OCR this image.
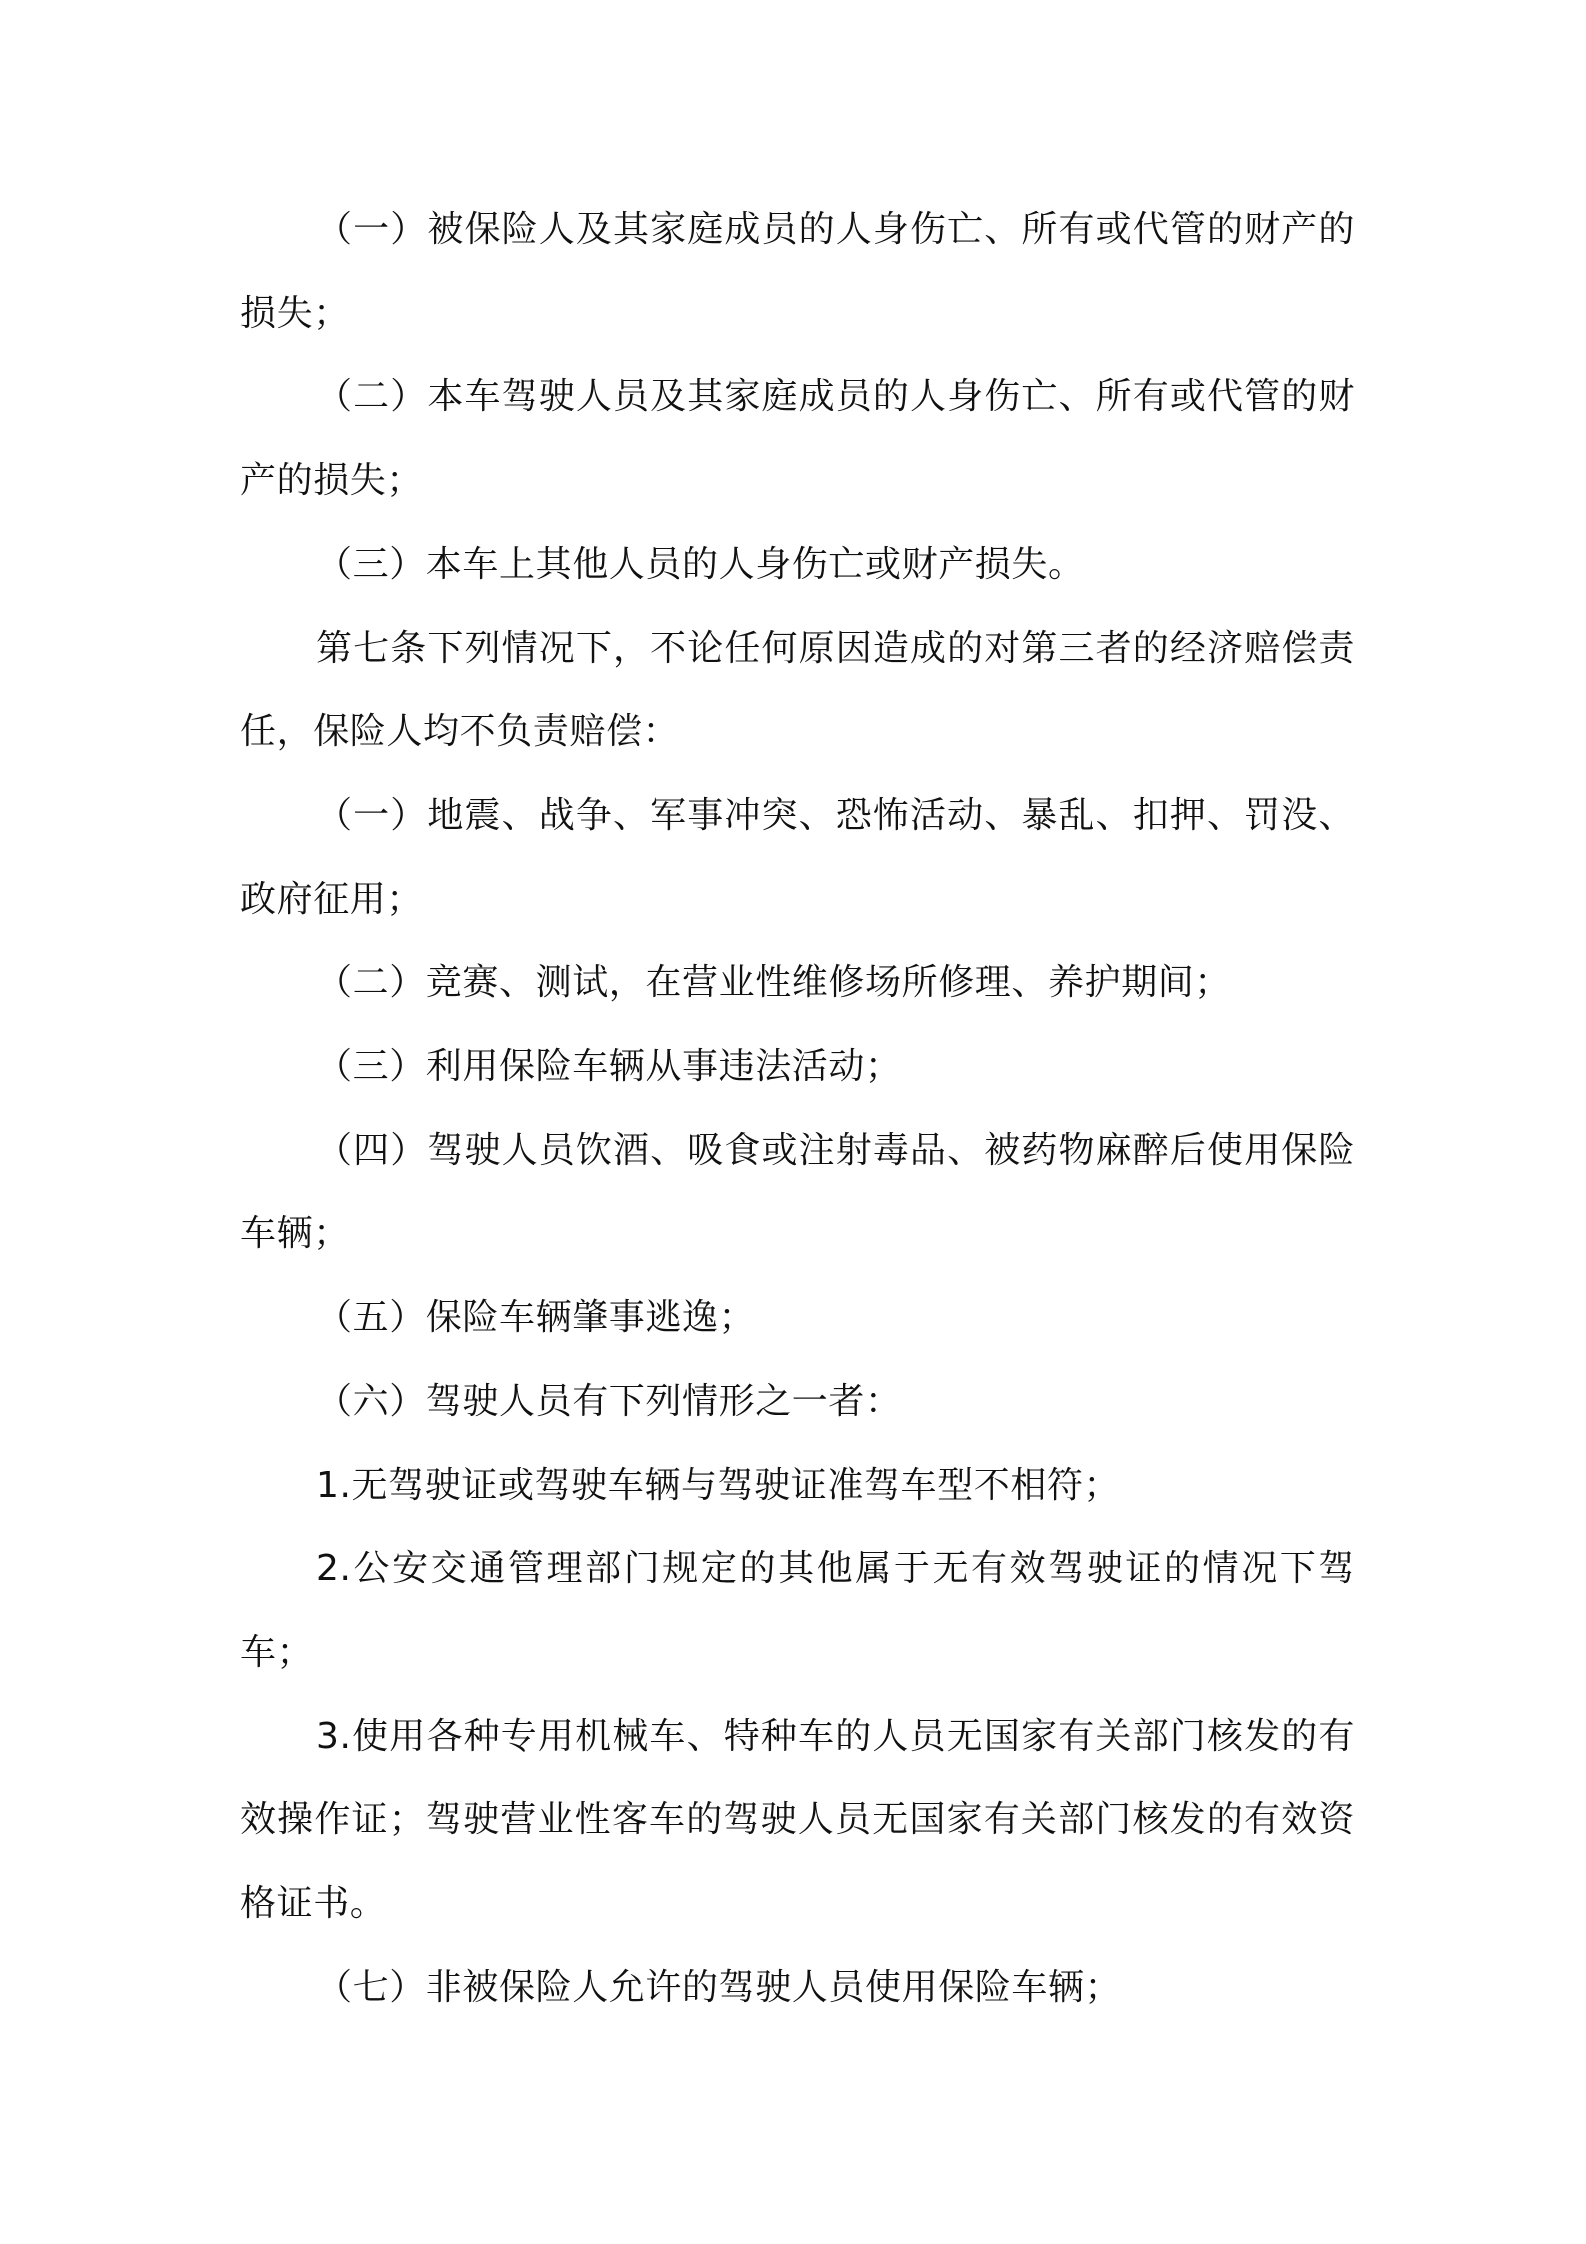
（一）被保险人及其家庭成员的人身伤亡、所有或代管的财产的损失；

（二）本车驾驶人员及其家庭成员的人身伤亡、所有或代管的财产的损失；

（三）本车上其他人员的人身伤亡或财产损失。

第七条下列情况下，不论任何原因造成的对第三者的经济赔偿责任，保险人均不负责赔偿：

（一）地震、战争、军事冲突、恐怖活动、暴乱、扣押、罚没、政府征用；

（二）竞赛、测试，在营业性维修场所修理、养护期间；

（三）利用保险车辆从事违法活动；

（四）驾驶人员饮酒、吸食或注射毒品、被药物麻醉后使用保险车辆；

（五）保险车辆肇事逃逸；

（六）驾驶人员有下列情形之一者：

1.无驾驶证或驾驶车辆与驾驶证准驾车型不相符；

2.公安交通管理部门规定的其他属于无有效驾驶证的情况下驾车；

3.使用各种专用机械车、特种车的人员无国家有关部门核发的有效操作证；驾驶营业性客车的驾驶人员无国家有关部门核发的有效资格证书。

（七）非被保险人允许的驾驶人员使用保险车辆；
